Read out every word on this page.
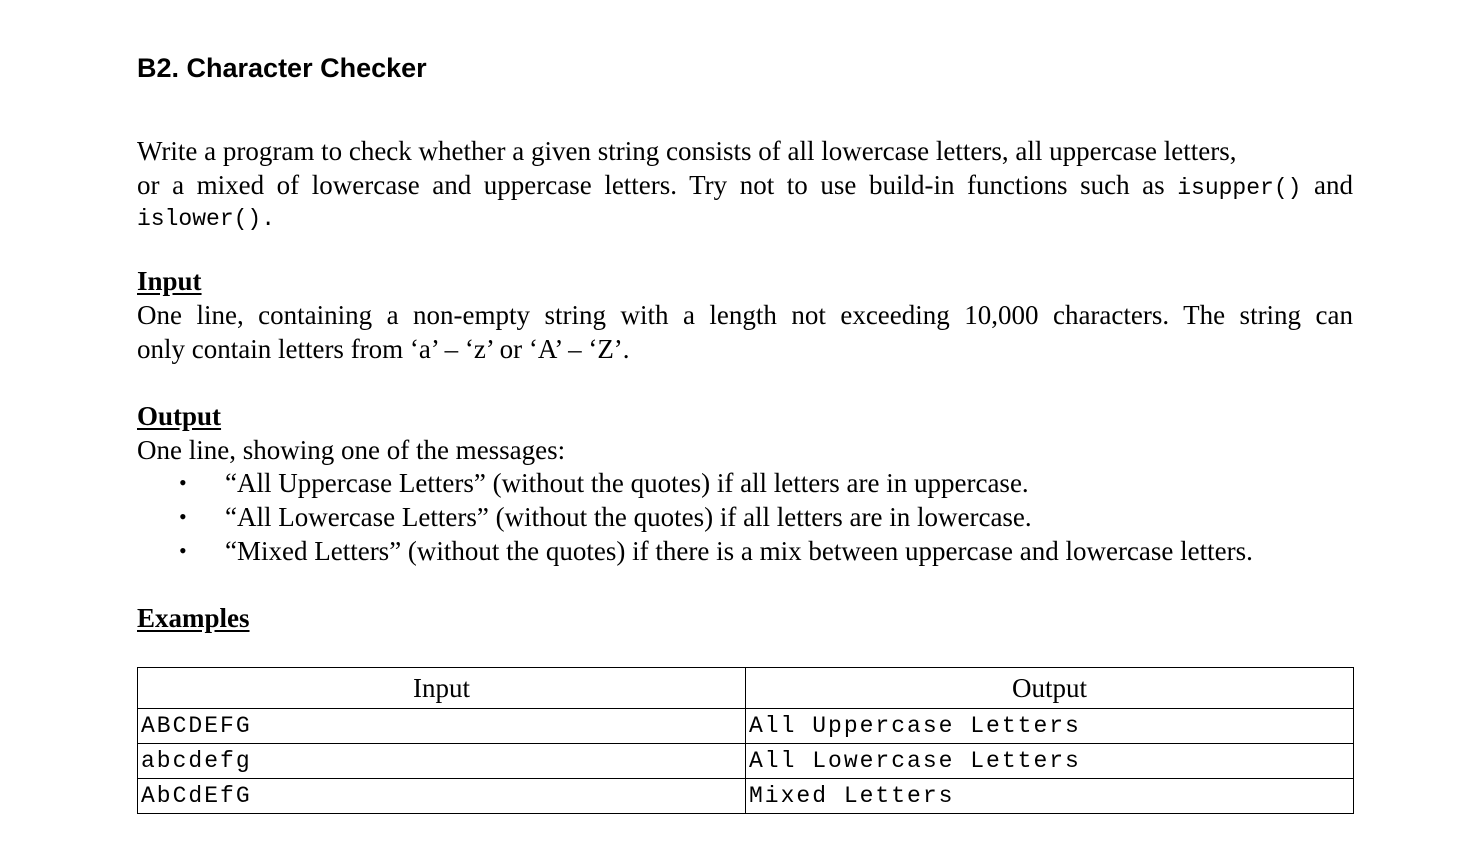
B2. Character Checker

Write a program to check whether a given string consists of all lowercase letters, all uppercase letters,
or a mixed of lowercase and uppercase letters. Try not to use build-in functions such as isupper() and
islower().

Input

One line, containing a non-empty string with a length not exceeding 10,000 characters. The string can
only contain letters from ‘a’ – ‘z’ or ‘A’ – ‘Z’.

Output

One line, showing one of the messages:

• “All Uppercase Letters” (without the quotes) if all letters are in uppercase.
• “All Lowercase Letters” (without the quotes) if all letters are in lowercase.
• “Mixed Letters” (without the quotes) if there is a mix between uppercase and lowercase letters.
Examples
Input	Output
ABCDEFG	All Uppercase Letters
abcdefg	All Lowercase Letters
AbCdEfG	Mixed Letters
